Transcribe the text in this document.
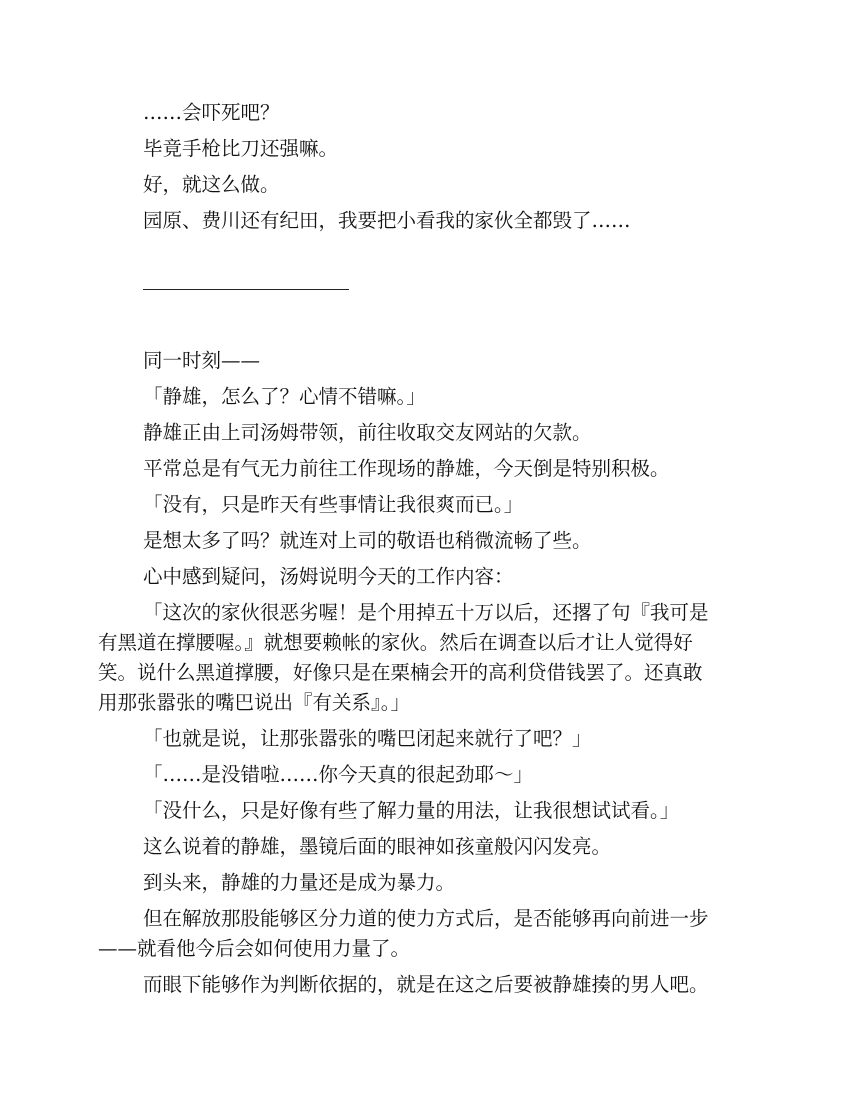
……会吓死吧？

毕竟手枪比刀还强嘛。

好，就这么做。

园原、费川还有纪田，我要把小看我的家伙全都毁了……

同一时刻——

「静雄，怎么了？心情不错嘛。」

静雄正由上司汤姆带领，前往收取交友网站的欠款。

平常总是有气无力前往工作现场的静雄，今天倒是特别积极。

「没有，只是昨天有些事情让我很爽而已。」

是想太多了吗？就连对上司的敬语也稍微流畅了些。

心中感到疑问，汤姆说明今天的工作内容：

「这次的家伙很恶劣喔！是个用掉五十万以后，还撂了句『我可是
有黑道在撑腰喔。』就想要赖帐的家伙。然后在调查以后才让人觉得好
笑。说什么黑道撑腰，好像只是在栗楠会开的高利贷借钱罢了。还真敢
用那张嚣张的嘴巴说出『有关系』。」

「也就是说，让那张嚣张的嘴巴闭起来就行了吧？」

「……是没错啦……你今天真的很起劲耶～」

「没什么，只是好像有些了解力量的用法，让我很想试试看。」

这么说着的静雄，墨镜后面的眼神如孩童般闪闪发亮。

到头来，静雄的力量还是成为暴力。

但在解放那股能够区分力道的使力方式后，是否能够再向前进一步
——就看他今后会如何使用力量了。

而眼下能够作为判断依据的，就是在这之后要被静雄揍的男人吧。
